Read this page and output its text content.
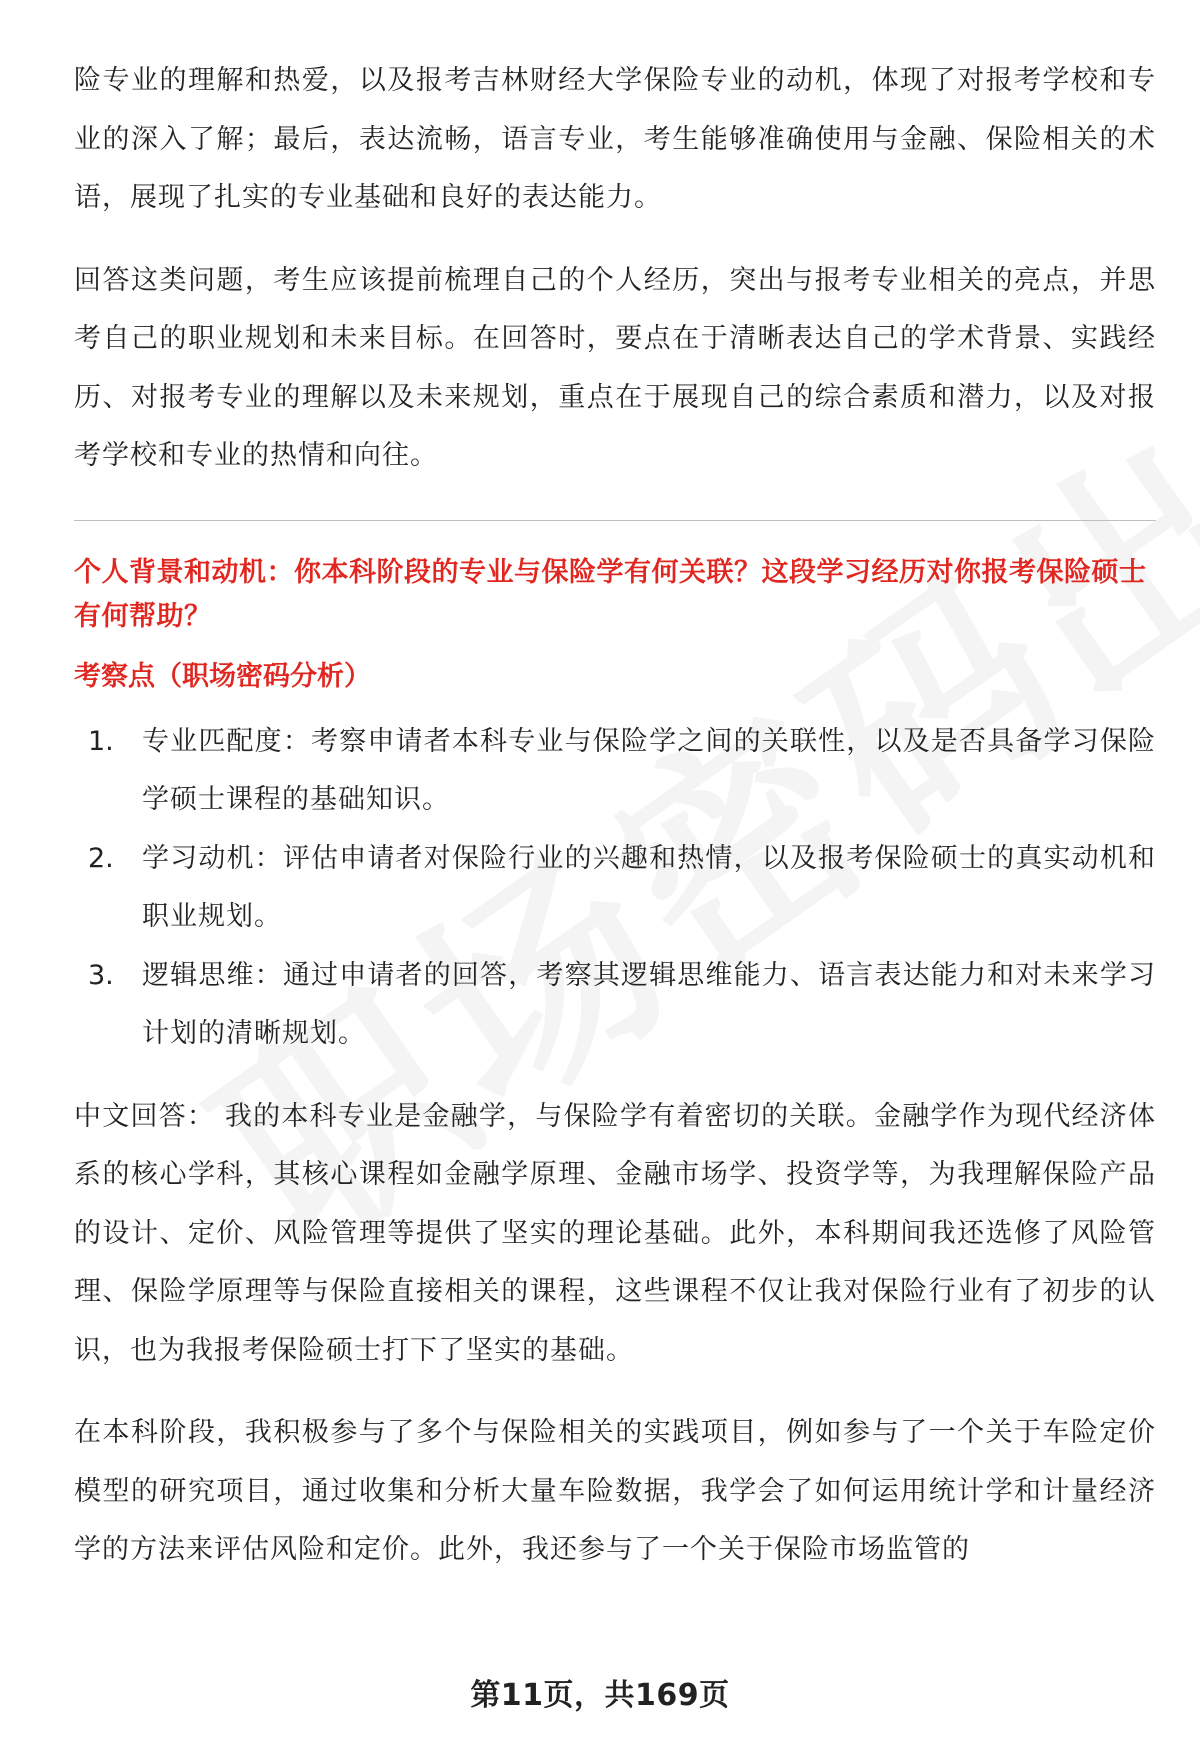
险专业的理解和热爱，以及报考吉林财经大学保险专业的动机，体现了对报考学校和专业的深入了解；最后，表达流畅，语言专业，考生能够准确使用与金融、保险相关的术语，展现了扎实的专业基础和良好的表达能力。

回答这类问题，考生应该提前梳理自己的个人经历，突出与报考专业相关的亮点，并思考自己的职业规划和未来目标。在回答时，要点在于清晰表达自己的学术背景、实践经历、对报考专业的理解以及未来规划，重点在于展现自己的综合素质和潜力，以及对报考学校和专业的热情和向往。

个人背景和动机：你本科阶段的专业与保险学有何关联？这段学习经历对你报考保险硕士有何帮助？

考察点（职场密码分析）

1.	专业匹配度：考察申请者本科专业与保险学之间的关联性，以及是否具备学习保险学硕士课程的基础知识。
2.	学习动机：评估申请者对保险行业的兴趣和热情，以及报考保险硕士的真实动机和职业规划。
3.	逻辑思维：通过申请者的回答，考察其逻辑思维能力、语言表达能力和对未来学习计划的清晰规划。

中文回答： 我的本科专业是金融学，与保险学有着密切的关联。金融学作为现代经济体系的核心学科，其核心课程如金融学原理、金融市场学、投资学等，为我理解保险产品的设计、定价、风险管理等提供了坚实的理论基础。此外，本科期间我还选修了风险管理、保险学原理等与保险直接相关的课程，这些课程不仅让我对保险行业有了初步的认识，也为我报考保险硕士打下了坚实的基础。

在本科阶段，我积极参与了多个与保险相关的实践项目，例如参与了一个关于车险定价模型的研究项目，通过收集和分析大量车险数据，我学会了如何运用统计学和计量经济学的方法来评估风险和定价。此外，我还参与了一个关于保险市场监管的

第11页，共169页
